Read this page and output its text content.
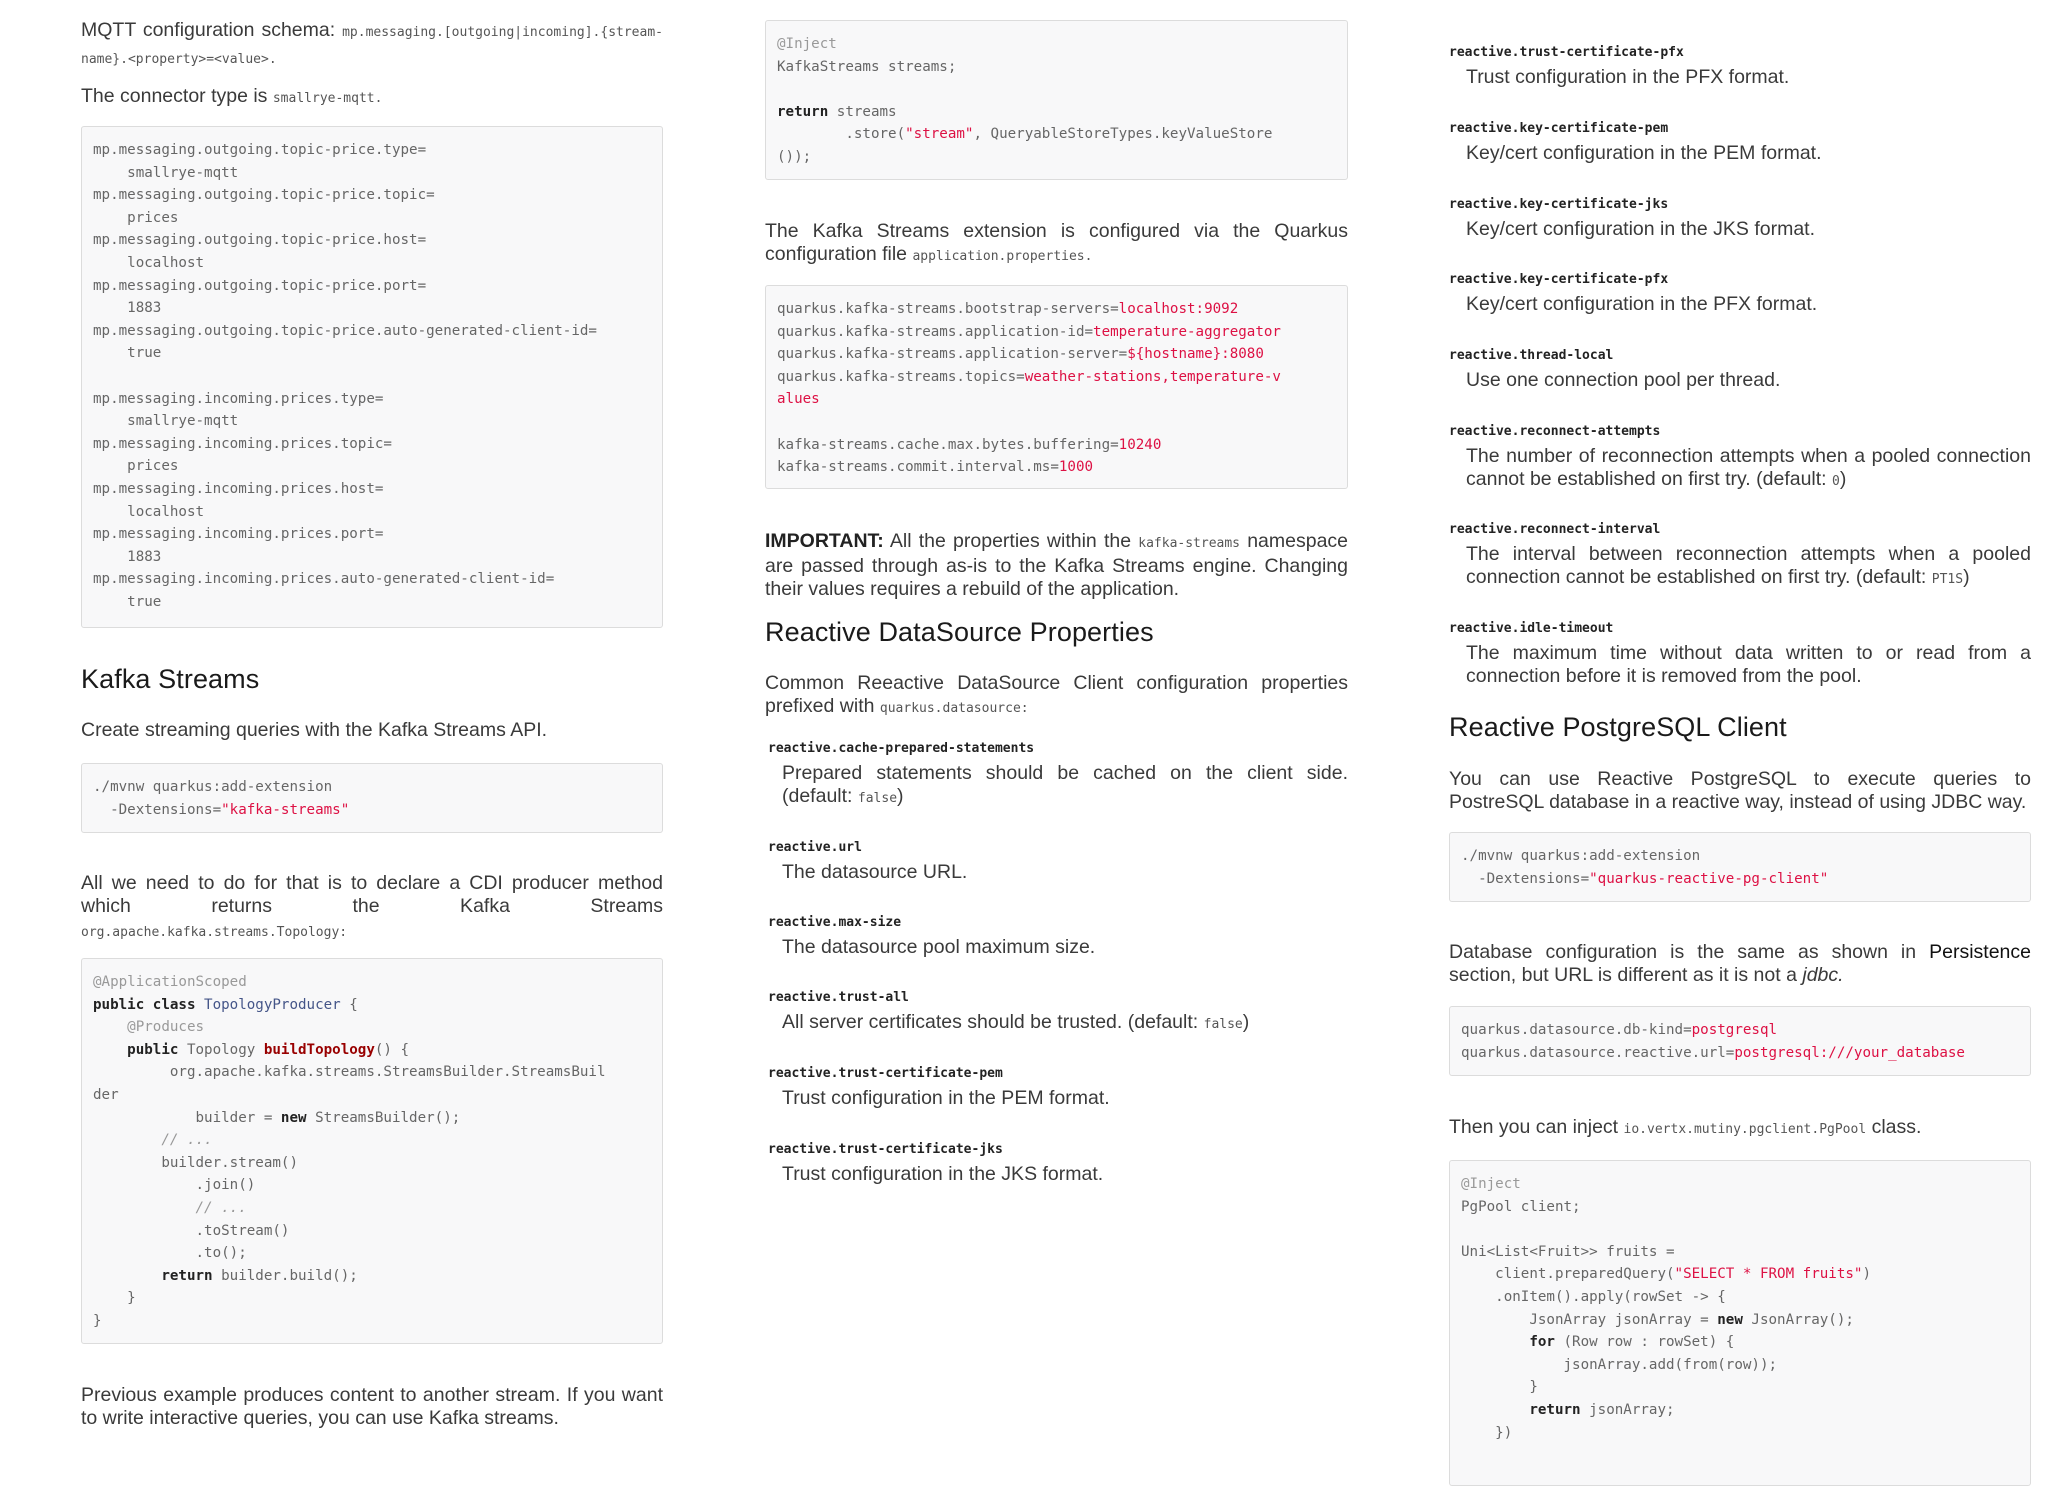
MQTT configuration schema: mp.messaging.[outgoing|incoming].{stream-name}.<property>=<value>.

The connector type is smallrye-mqtt.

mp.messaging.outgoing.topic-price.type=
smallrye-mqtt
mp.messaging.outgoing.topic-price.topic=
prices
mp.messaging.outgoing.topic-price.host=
localhost
mp.messaging.outgoing.topic-price.port=
1883
mp.messaging.outgoing.topic-price.auto-generated-client-id=
true

mp.messaging.incoming.prices.type=
smallrye-mqtt
mp.messaging.incoming.prices.topic=
prices
mp.messaging.incoming.prices.host=
localhost
mp.messaging.incoming.prices.port=
1883
mp.messaging.incoming.prices.auto-generated-client-id=
true
Kafka Streams

Create streaming queries with the Kafka Streams API.

./mvnw quarkus:add-extension
-Dextensions="kafka-streams"

All we need to do for that is to declare a CDI producer method which returns the Kafka Streams

org.apache.kafka.streams.Topology:

@ApplicationScoped
public class TopologyProducer {
@Produces
public Topology buildTopology() {
org.apache.kafka.streams.StreamsBuilder.StreamsBuil
der
builder = new StreamsBuilder();
// ...
builder.stream()
.join()
// ...
.toStream()
.to();
return builder.build();
}
}

Previous example produces content to another stream. If you want to write interactive queries, you can use Kafka streams.

@Inject
KafkaStreams streams;

return streams
.store("stream", QueryableStoreTypes.keyValueStore
());

The Kafka Streams extension is configured via the Quarkus configuration file application.properties.

quarkus.kafka-streams.bootstrap-servers=localhost:9092
quarkus.kafka-streams.application-id=temperature-aggregator
quarkus.kafka-streams.application-server=${hostname}:8080
quarkus.kafka-streams.topics=weather-stations,temperature-v
alues

kafka-streams.cache.max.bytes.buffering=10240
kafka-streams.commit.interval.ms=1000

IMPORTANT: All the properties within the kafka-streams namespace are passed through as-is to the Kafka Streams engine. Changing their values requires a rebuild of the application.

Reactive DataSource Properties

Common Reeactive DataSource Client configuration properties prefixed with quarkus.datasource:

reactive.cache-prepared-statements

Prepared statements should be cached on the client side. (default: false)

reactive.url

The datasource URL.

reactive.max-size

The datasource pool maximum size.

reactive.trust-all

All server certificates should be trusted. (default: false)

reactive.trust-certificate-pem

Trust configuration in the PEM format.

reactive.trust-certificate-jks

Trust configuration in the JKS format.

reactive.trust-certificate-pfx

Trust configuration in the PFX format.

reactive.key-certificate-pem

Key/cert configuration in the PEM format.

reactive.key-certificate-jks

Key/cert configuration in the JKS format.

reactive.key-certificate-pfx

Key/cert configuration in the PFX format.

reactive.thread-local

Use one connection pool per thread.

reactive.reconnect-attempts

The number of reconnection attempts when a pooled connection cannot be established on first try. (default: 0)

reactive.reconnect-interval

The interval between reconnection attempts when a pooled connection cannot be established on first try. (default: PT1S)

reactive.idle-timeout

The maximum time without data written to or read from a connection before it is removed from the pool.

Reactive PostgreSQL Client

You can use Reactive PostgreSQL to execute queries to PostreSQL database in a reactive way, instead of using JDBC way.

./mvnw quarkus:add-extension
-Dextensions="quarkus-reactive-pg-client"

Database configuration is the same as shown in Persistence section, but URL is different as it is not a jdbc.

quarkus.datasource.db-kind=postgresql
quarkus.datasource.reactive.url=postgresql:///your_database

Then you can inject io.vertx.mutiny.pgclient.PgPool class.

@Inject
PgPool client;

Uni<List<Fruit>> fruits =
client.preparedQuery("SELECT * FROM fruits")
.onItem().apply(rowSet -> {
JsonArray jsonArray = new JsonArray();
for (Row row : rowSet) {
jsonArray.add(from(row));
}
return jsonArray;
})
